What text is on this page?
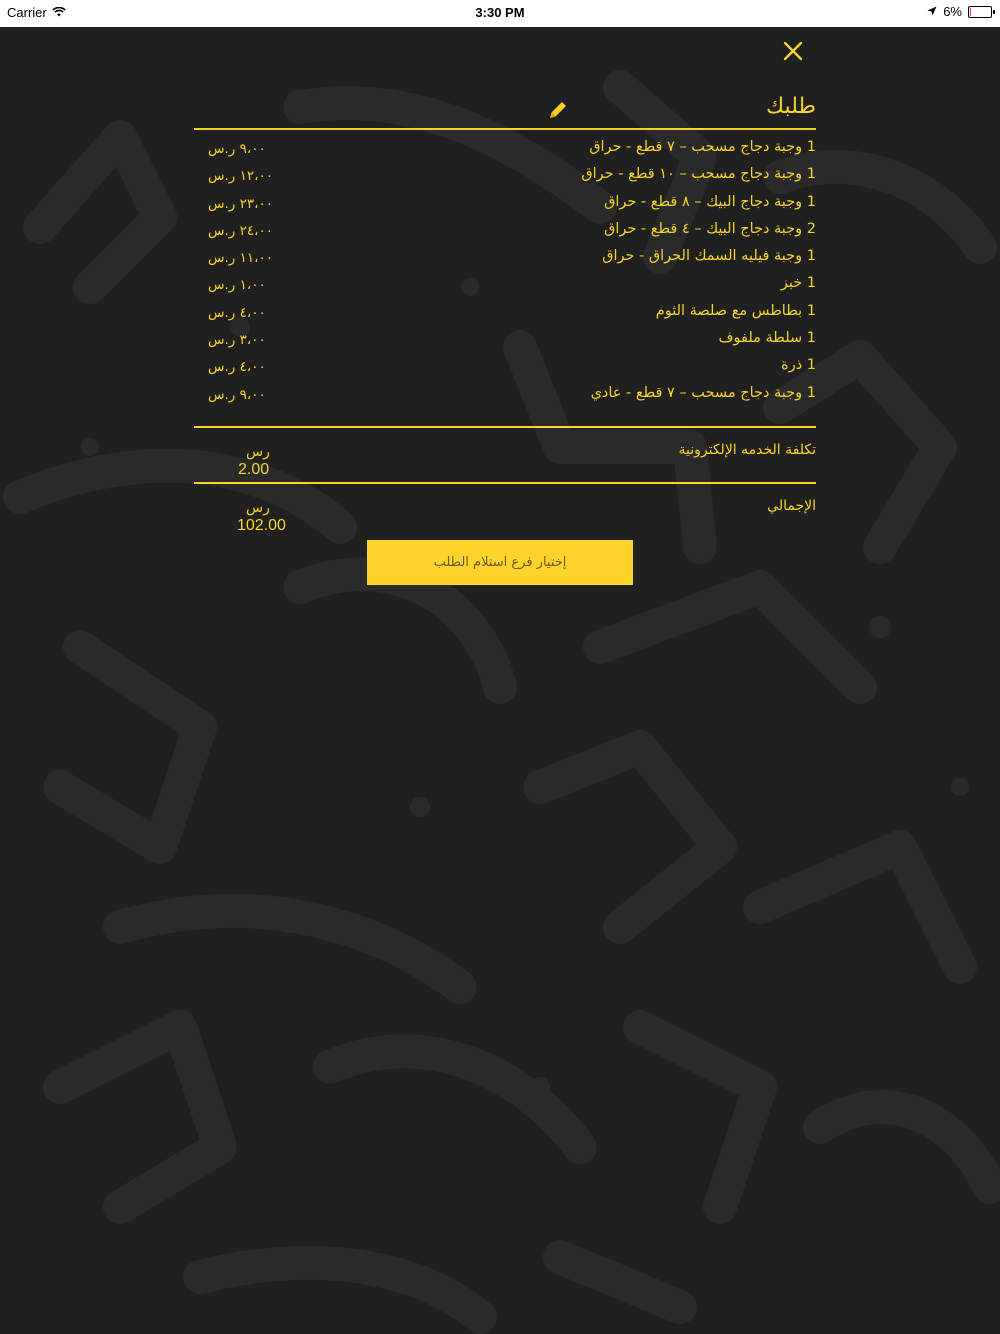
Carrier	3:30 PM	6%
طلبك
1 وجبة دجاج مسحب – ٧ قطع - حراق
٩،٠٠ ر.س
1 وجبة دجاج مسحب – ١٠ قطع - حراق
١٢،٠٠ ر.س
1 وجبة دجاج البيك – ٨ قطع - حراق
٢٣،٠٠ ر.س
2 وجبة دجاج البيك – ٤ قطع - حراق
٢٤،٠٠ ر.س
1 وجبة فيليه السمك الحراق - حراق
١١،٠٠ ر.س
1 خبز
١،٠٠ ر.س
1 بطاطس مع صلصة الثوم
٤،٠٠ ر.س
1 سلطة ملفوف
٣،٠٠ ر.س
1 ذرة
٤،٠٠ ر.س
1 وجبة دجاج مسحب – ٧ قطع - عادي
٩،٠٠ ر.س
تكلفة الخدمه الإلكترونية
رس
2.00
الإجمالي
رس
102.00
إختيار فرع استلام الطلب
